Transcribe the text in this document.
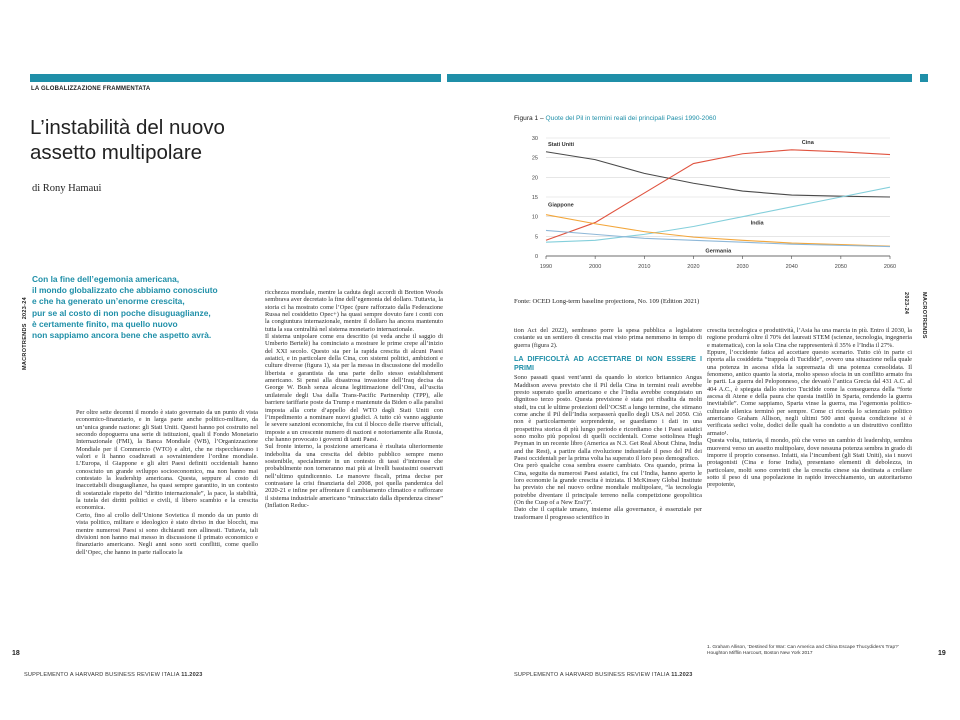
LA GLOBALIZZAZIONE FRAMMENTATA
L’instabilità del nuovo
assetto multipolare
di Rony Hamaui
MACROTRENDS 2023-24
Con la fine dell’egemonia americana,
il mondo globalizzato che abbiamo conosciuto
e che ha generato un’enorme crescita,
pur se al costo di non poche disuguaglianze,
è certamente finito, ma quello nuovo
non sappiamo ancora bene che aspetto avrà.

Per oltre sette decenni il mondo è stato governato da un punto di vista economico-finanziario, e in larga parte anche politico-militare, da un’unica grande nazione: gli Stati Uniti. Questi hanno poi costruito nel secondo dopoguerra una serie di istituzioni, quali il Fondo Monetario Internazionale (FMI), la Banca Mondiale (WB), l’Organizzazione Mondiale per il Commercio (WTO) e altri, che ne rispecchiavano i valori e li hanno coadiuvati a sovraintendere l’ordine mondiale. L’Europa, il Giappone e gli altri Paesi definiti occidentali hanno conosciuto un grande sviluppo socioeconomico, ma non hanno mai contestato la leadership americana. Questa, seppure al costo di inaccettabili disuguaglianze, ha quasi sempre garantito, in un contesto di sostanziale rispetto del “diritto internazionale”, la pace, la stabilità, la tutela dei diritti politici e civili, il libero scambio e la crescita economica.

Certo, fino al crollo dell’Unione Sovietica il mondo da un punto di vista politico, militare e ideologico è stato diviso in due blocchi, ma mentre numerosi Paesi si sono dichiarati non allineati. Tuttavia, tali divisioni non hanno mai messo in discussione il primato economico e finanziario americano. Negli anni sono sorti conflitti, come quello dell’Opec, che hanno in parte riallocato la

ricchezza mondiale, mentre la caduta degli accordi di Bretton Woods sembrava aver decretato la fine dell’egemonia del dollaro. Tuttavia, la storia ci ha mostrato come l’Opec (pure rafforzato dalla Federazione Russa nel cosiddetto Opec+) ha quasi sempre dovuto fare i conti con la congiuntura internazionale, mentre il dollaro ha ancora mantenuto tutta la sua centralità nel sistema monetario internazionale.

Il sistema unipolare come era descritto (si veda anche il saggio di Umberto Bertelè) ha cominciato a mostrare le prime crepe all’inizio del XXI secolo. Questo sia per la rapida crescita di alcuni Paesi asiatici, e in particolare della Cina, con sistemi politici, ambizioni e culture diverse (figura 1), sia per la messa in discussione del modello liberista e garantista da una parte dello stesso establishment americano. Si pensi alla disastrosa invasione dell’Iraq decisa da George W. Bush senza alcuna legittimazione dell’Onu, all’uscita unilaterale degli Usa dalla Trans-Pacific Partnership (TPP), alle barriere tariffarie poste da Trump e mantenute da Biden o alla paralisi imposta alla corte d’appello del WTO dagli Stati Uniti con l’impedimento a nominare nuovi giudici. A tutto ciò vanno aggiunte le severe sanzioni economiche, fra cui il blocco delle riserve ufficiali, imposte a un crescente numero di nazioni e notoriamente alla Russia, che hanno provocato i governi di tanti Paesi.

Sul fronte interno, la posizione americana è risultata ulteriormente indebolita da una crescita del debito pubblico sempre meno sostenibile, specialmente in un contesto di tassi d’interesse che probabilmente non torneranno mai più ai livelli bassissimi osservati nell’ultimo quindicennio. Le manovre fiscali, prima decise per contrastare la crisi finanziaria del 2008, poi quella pandemica del 2020-21 e infine per affrontare il cambiamento climatico e rafforzare il sistema industriale americano “minacciato dalla dipendenza cinese” (Inflation Reduc-

18
SUPPLEMENTO A HARVARD BUSINESS REVIEW ITALIA 11.2023
Figura 1 – Quote del Pil in termini reali dei principali Paesi 1990-2060
0
5
10
15
20
25
30
1990	2000	2010	2020	2030	2040	2050	2060
Stati Uniti	Cina
India
Giappone
Germania
Fonte: OCED Long-term baseline projections, No. 109 (Edition 2021)	MACROTRENDS 2023-24

tion Act del 2022), sembrano porre la spesa pubblica a legislatore costante su un sentiero di crescita mai visto prima nemmeno in tempo di guerra (figura 2).

LA DIFFICOLTÀ AD ACCETTARE DI NON ESSERE I PRIMI

Sono passati quasi vent’anni da quando lo storico britannico Angus Maddison aveva previsto che il Pil della Cina in termini reali avrebbe presto superato quello americano e che l’India avrebbe conquistato un dignitoso terzo posto. Questa previsione è stata poi ribadita da molti studi, tra cui le ultime proiezioni dell’OCSE a lungo termine, che stimano come anche il Pil dell’India sorpasserà quello degli USA nel 2050. Ciò non è particolarmente sorprendente, se guardiamo i dati in una prospettiva storica di più lungo periodo e ricordiamo che i Paesi asiatici sono molto più popolosi di quelli occidentali. Come sottolinea Hugh Peyman in un recente libro (America as N.3. Get Real About China, India and the Rest), a partire dalla rivoluzione industriale il peso del Pil dei Paesi occidentali per la prima volta ha superato il loro peso demografico.

Ora però qualche cosa sembra essere cambiato. Ora quando, prima la Cina, seguita da numerosi Paesi asiatici, fra cui l’India, hanno aperto le loro economie la grande crescita è iniziata. Il McKinsey Global Institute ha previsto che nel nuovo ordine mondiale multipolare, “la tecnologia potrebbe diventare il principale terreno nella competizione geopolitica (On the Cusp of a New Era?)”.

Dato che il capitale umano, insieme alla governance, è essenziale per trasformare il progresso scientifico in

crescita tecnologica e produttività, l’Asia ha una marcia in più. Entro il 2030, la regione produrrà oltre il 70% dei laureati STEM (scienze, tecnologia, ingegneria e matematica), con la sola Cina che rappresenterà il 35% e l’India il 27%.

Eppure, l’occidente fatica ad accettare questo scenario. Tutto ciò in parte ci riporta alla cosiddetta “trappola di Tucidide”, ovvero una situazione nella quale una potenza in ascesa sfida la supremazia di una potenza consolidata. Il fenomeno, antico quanto la storia, molto spesso sfocia in un conflitto armato fra le parti. La guerra del Peloponneso, che devastò l’antica Grecia dal 431 A.C. al 404 A.C., è spiegata dallo storico Tucidide come la conseguenza della “forte ascesa di Atene e della paura che questa instillò in Sparta, rendendo la guerra inevitabile”. Come sappiamo, Sparta vinse la guerra, ma l’egemonia politico-culturale ellenica terminò per sempre. Come ci ricorda lo scienziato politico americano Graham Allison, negli ultimi 500 anni questa condizione si è verificata sedici volte, dodici delle quali ha condotto a un distruttivo conflitto armato¹.

Questa volta, tuttavia, il mondo, più che verso un cambio di leadership, sembra muoversi verso un assetto multipolare, dove nessuna potenza sembra in grado di imporre il proprio consenso. Infatti, sia l’incumbent (gli Stati Uniti), sia i nuovi protagonisti (Cina e forse India), presentano elementi di debolezza, in particolare, molti sono convinti che la crescita cinese sia destinata a crollare sotto il peso di una popolazione in rapido invecchiamento, un autoritarismo prepotente,

1. Graham Allison, ‘Destined for War: Can America and China Escape Thucydides’s Trap?’ Houghton Mifflin Harcourt, Boston New York 2017
SUPPLEMENTO A HARVARD BUSINESS REVIEW ITALIA 11.2023
19
